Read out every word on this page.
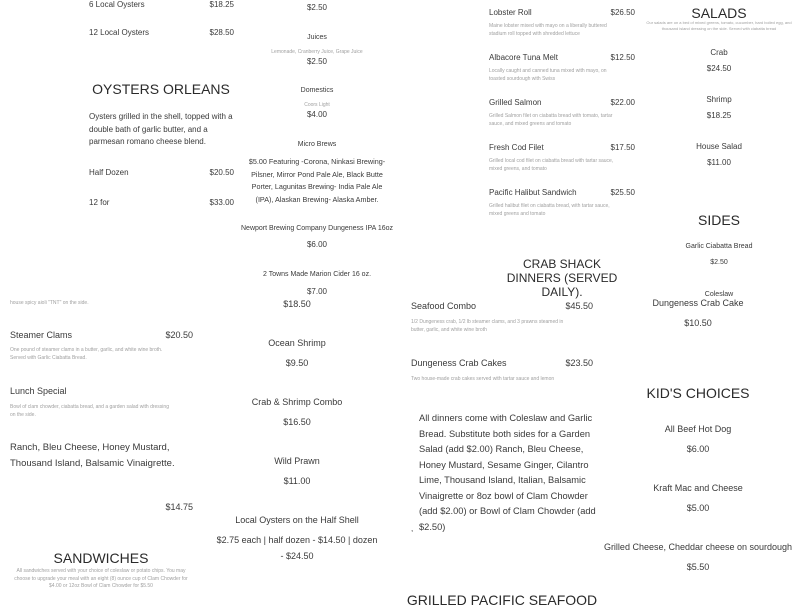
6 Local Oysters	$18.25
12 Local Oysters	$28.50
OYSTERS ORLEANS
Oysters grilled in the shell, topped with a double bath of garlic butter, and a parmesan romano cheese blend.
Half Dozen	$20.50
12 for	$33.00
$2.50
Juices
Lemonade, Cranberry Juice, Grape Juice
$2.50
Domestics
Coors Light
$4.00
Micro Brews
$5.00 Featuring -Corona, Ninkasi Brewing- Pilsner, Mirror Pond Pale Ale, Black Butte Porter, Lagunitas Brewing- India Pale Ale (IPA), Alaskan Brewing- Alaska Amber.
Newport Brewing Company Dungeness IPA 16oz
$6.00
2 Towns Made Marion Cider 16 oz.
$7.00
house spicy aioli "TNT" on the side.
Steamer Clams	$20.50
One pound of steamer clams in a butter, garlic, and white wine broth. Served with Garlic Ciabatta Bread.
Lunch Special
Bowl of clam chowder, ciabatta bread, and a garden salad with dressing on the side.
Ranch, Bleu Cheese, Honey Mustard, Thousand Island, Balsamic Vinaigrette.
$14.75
SANDWICHES
All sandwiches served with your choice of coleslaw or potato chips. You may choose to upgrade your meal with an eight (8) ounce cup of Clam Chowder for $4.00 or 12oz Bowl of Clam Chowder for $5.50
$18.50
Ocean Shrimp
$9.50
Crab & Shrimp Combo
$16.50
Wild Prawn
$11.00
Local Oysters on the Half Shell
$2.75 each | half dozen - $14.50 | dozen - $24.50
Lobster Roll	$26.50
Maine lobster mixed with mayo on a liberally buttered stadium roll topped with shredded lettuce
Albacore Tuna Melt	$12.50
Locally caught and canned tuna mixed with mayo, on toasted sourdough with Swiss
Grilled Salmon	$22.00
Grilled Salmon filet on ciabatta bread with tomato, tartar sauce, and mixed greens and tomato
Fresh Cod Filet	$17.50
Grilled local cod filet on ciabatta bread with tartar sauce, mixed greens, and tomato
Pacific Halibut Sandwich	$25.50
Grilled halibut filet on ciabatta bread, with tartar sauce, mixed greens and tomato
CRAB SHACK DINNERS (SERVED DAILY).
Seafood Combo	$45.50
1/2 Dungeness crab, 1/2 lb steamer clams, and 3 prawns steamed in butter, garlic, and white wine broth
Dungeness Crab Cakes	$23.50
Two house-made crab cakes served with tartar sauce and lemon
All dinners come with Coleslaw and Garlic Bread. Substitute both sides for a Garden Salad (add $2.00) Ranch, Bleu Cheese, Honey Mustard, Sesame Ginger, Cilantro Lime, Thousand Island, Italian, Balsamic Vinaigrette or 8oz bowl of Clam Chowder (add $2.00) or Bowl of Clam Chowder (add $2.50)
,
GRILLED PACIFIC SEAFOOD
SALADS
Our salads are on a bed of mixed greens, tomato, cucumber, hard boiled egg, and thousand island dressing on the side. Served with ciabatta bread
Crab
$24.50
Shrimp
$18.25
House Salad
$11.00
SIDES
Garlic Ciabatta Bread
$2.50
Coleslaw
Dungeness Crab Cake
$10.50
KID'S CHOICES
All Beef Hot Dog
$6.00
Kraft Mac and Cheese
$5.00
Grilled Cheese, Cheddar cheese on sourdough
$5.50
